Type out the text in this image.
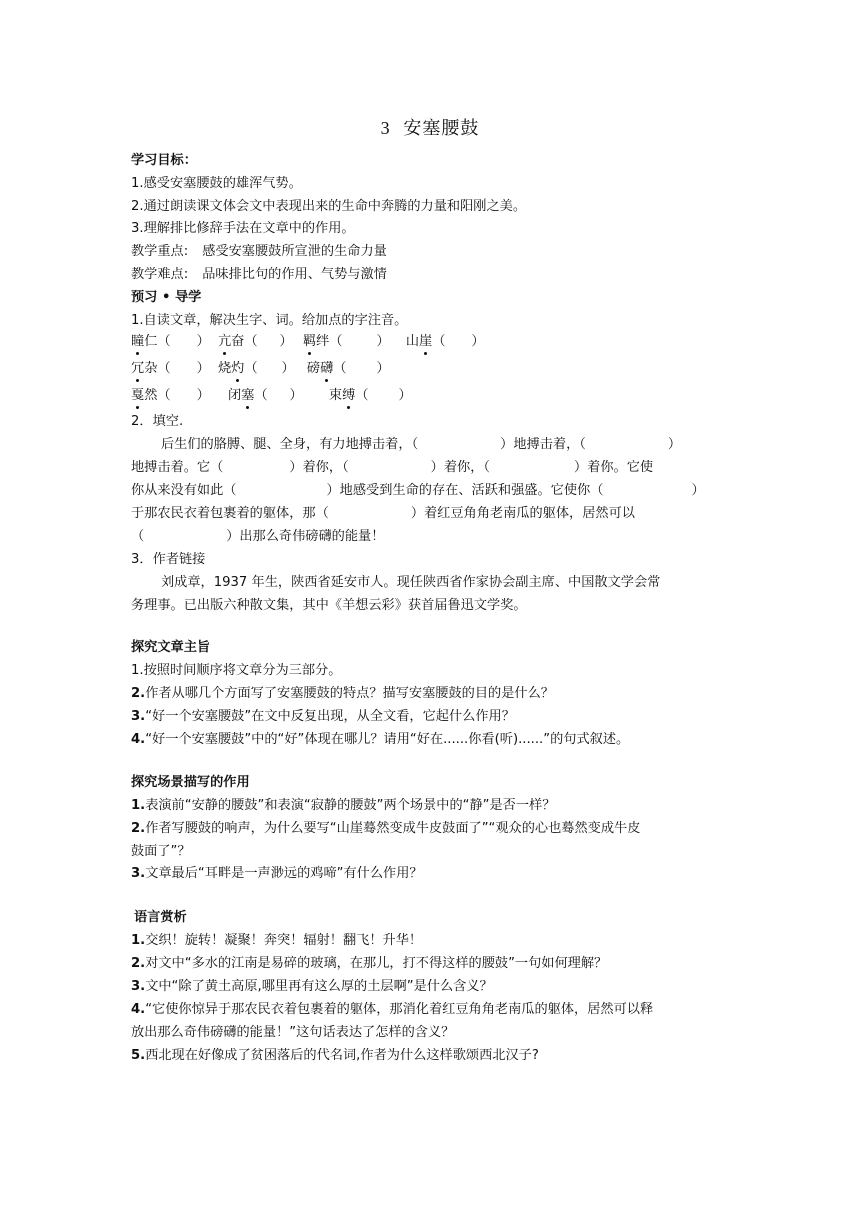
3 安塞腰鼓
学习目标：
1.感受安塞腰鼓的雄浑气势。
2.通过朗读课文体会文中表现出来的生命中奔腾的力量和阳刚之美。
3.理解排比修辞手法在文章中的作用。
教学重点: 感受安塞腰鼓所宣泄的生命力量
教学难点: 品味排比句的作用、气势与激情
预习 • 导学
1.自读文章，解决生字、词。给加点的字注音。
瞳仁（ ） 亢奋（ ） 羁绊（	） 山崖（ ）
冗杂（ ） 烧灼（ ） 磅礴（ ）
戛然（ ） 闭塞（ ） 束缚（ ）
2．填空.
后生们的胳膊、腿、全身，有力地搏击着，（	）地搏击着，（	）
地搏击着。它（	）着你，（	）着你，（	）着你。它使
你从来没有如此（	）地感受到生命的存在、活跃和强盛。它使你（	）
于那农民衣着包裹着的躯体，那（	）着红豆角角老南瓜的躯体，居然可以
（	）出那么奇伟磅礴的能量！
3．作者链接
刘成章，1937 年生，陕西省延安市人。现任陕西省作家协会副主席、中国散文学会常
务理事。已出版六种散文集，其中《羊想云彩》获首届鲁迅文学奖。
探究文章主旨
1.按照时间顺序将文章分为三部分。
2.作者从哪几个方面写了安塞腰鼓的特点？描写安塞腰鼓的目的是什么？
3.“好一个安塞腰鼓”在文中反复出现，从全文看，它起什么作用？
4.“好一个安塞腰鼓”中的“好”体现在哪儿？请用“好在......你看(听)......”的句式叙述。
探究场景描写的作用
1.表演前“安静的腰鼓”和表演“寂静的腰鼓”两个场景中的“静”是否一样？
2.作者写腰鼓的响声，为什么要写“山崖蓦然变成牛皮鼓面了”“观众的心也蓦然变成牛皮
鼓面了”？
3.文章最后“耳畔是一声渺远的鸡啼”有什么作用？
语言赏析
1.交织！旋转！凝聚！奔突！辐射！翻飞！升华！
2.对文中“多水的江南是易碎的玻璃，在那儿，打不得这样的腰鼓”一句如何理解？
3.文中“除了黄土高原,哪里再有这么厚的土层啊”是什么含义？
4.“它使你惊异于那农民衣着包裹着的躯体，那消化着红豆角角老南瓜的躯体，居然可以释
放出那么奇伟磅礴的能量！”这句话表达了怎样的含义？
5.西北现在好像成了贫困落后的代名词,作者为什么这样歌颂西北汉子?
